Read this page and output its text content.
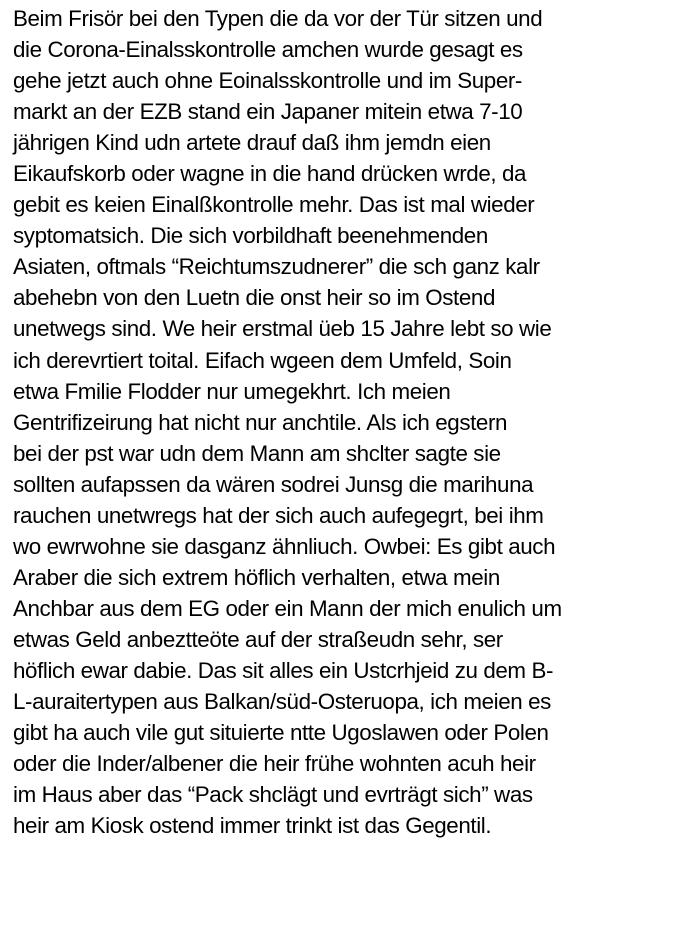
Beim Frisör bei den Typen die da vor der Tür sitzen und
die Corona-Einalsskontrolle amchen wurde gesagt es
gehe jetzt auch ohne Eoinalsskontrolle und im Super-
markt an der EZB stand ein Japaner mitein etwa 7-10
jährigen Kind udn artete drauf daß ihm jemdn eien
Eikaufskorb oder wagne in die hand drücken wrde, da
gebit es keien Einalßkontrolle mehr. Das ist mal wieder
syptomatsich. Die sich vorbildhaft beenehmenden
Asiaten, oftmals “Reichtumszudnerer” die sch ganz kalr
abehebn von den Luetn die onst heir so im Ostend
unetwegs sind. We heir erstmal üeb 15 Jahre lebt so wie
ich derevrtiert toital. Eifach wgeen dem Umfeld, Soin
etwa Fmilie Flodder nur umegekhrt. Ich meien
Gentrifizeirung hat nicht nur anchtile. Als ich egstern
bei der pst war udn dem Mann am shclter sagte sie
sollten aufapssen da wären sodrei Junsg die marihuna
rauchen unetwregs hat der sich auch aufegegrt, bei ihm
wo ewrwohne sie dasganz ähnliuch. Owbei: Es gibt auch
Araber die sich extrem höflich verhalten, etwa mein
Anchbar aus dem EG oder ein Mann der mich enulich um
etwas Geld anbeztteöte auf der straßeudn sehr, ser
höflich ewar dabie. Das sit alles ein Ustcrhjeid zu dem B-
L-auraitertypen aus Balkan/süd-Osteruopa, ich meien es
gibt ha auch vile gut situierte ntte Ugoslawen oder Polen
oder die Inder/albener die heir frühe wohnten acuh heir
im Haus aber das “Pack shclägt und evrträgt sich” was
heir am Kiosk ostend immer trinkt ist das Gegentil.
